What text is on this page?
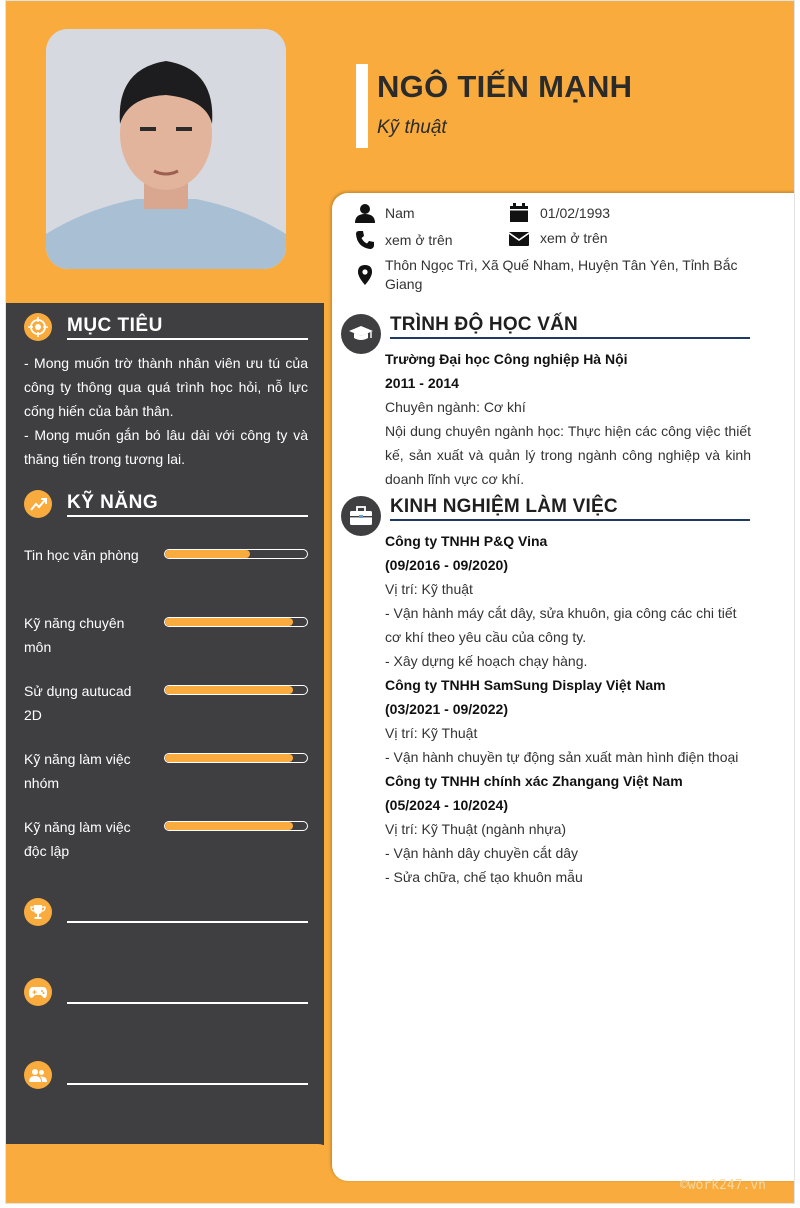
NGÔ TIẾN MẠNH
Kỹ thuật
Nam	01/02/1993
xem ở trên	xem ở trên
Thôn Ngọc Trì, Xã Quế Nham, Huyện Tân Yên, Tỉnh Bắc Giang
MỤC TIÊU
- Mong muốn trờ thành nhân viên ưu tú của công ty thông qua quá trình học hỏi, nỗ lực cống hiến của bản thân.
- Mong muốn gắn bó lâu dài với công ty và thăng tiến trong tương lai.
KỸ NĂNG
Tin học văn phòng
Kỹ năng chuyên môn
Sử dụng autucad 2D
Kỹ năng làm việc nhóm
Kỹ năng làm việc độc lập
TRÌNH ĐỘ HỌC VẤN
Trường Đại học Công nghiệp Hà Nội
2011 - 2014
Chuyên ngành: Cơ khí
Nội dung chuyên ngành học: Thực hiện các công việc thiết kế, sản xuất và quản lý trong ngành công nghiệp và kinh doanh lĩnh vực cơ khí.
KINH NGHIỆM LÀM VIỆC
Công ty TNHH P&Q Vina
(09/2016 - 09/2020)
Vị trí: Kỹ thuật
- Vận hành máy cắt dây, sửa khuôn, gia công các chi tiết cơ khí theo yêu cầu của công ty.
- Xây dựng kế hoạch chạy hàng.
Công ty TNHH SamSung Display Việt Nam
(03/2021 - 09/2022)
Vị trí: Kỹ Thuật
- Vận hành chuyền tự động sản xuất màn hình điện thoại
Công ty TNHH chính xác Zhangang Việt Nam
(05/2024 - 10/2024)
Vị trí: Kỹ Thuật (ngành nhựa)
- Vận hành dây chuyền cắt dây
- Sửa chữa, chế tạo khuôn mẫu
©work247.vn
